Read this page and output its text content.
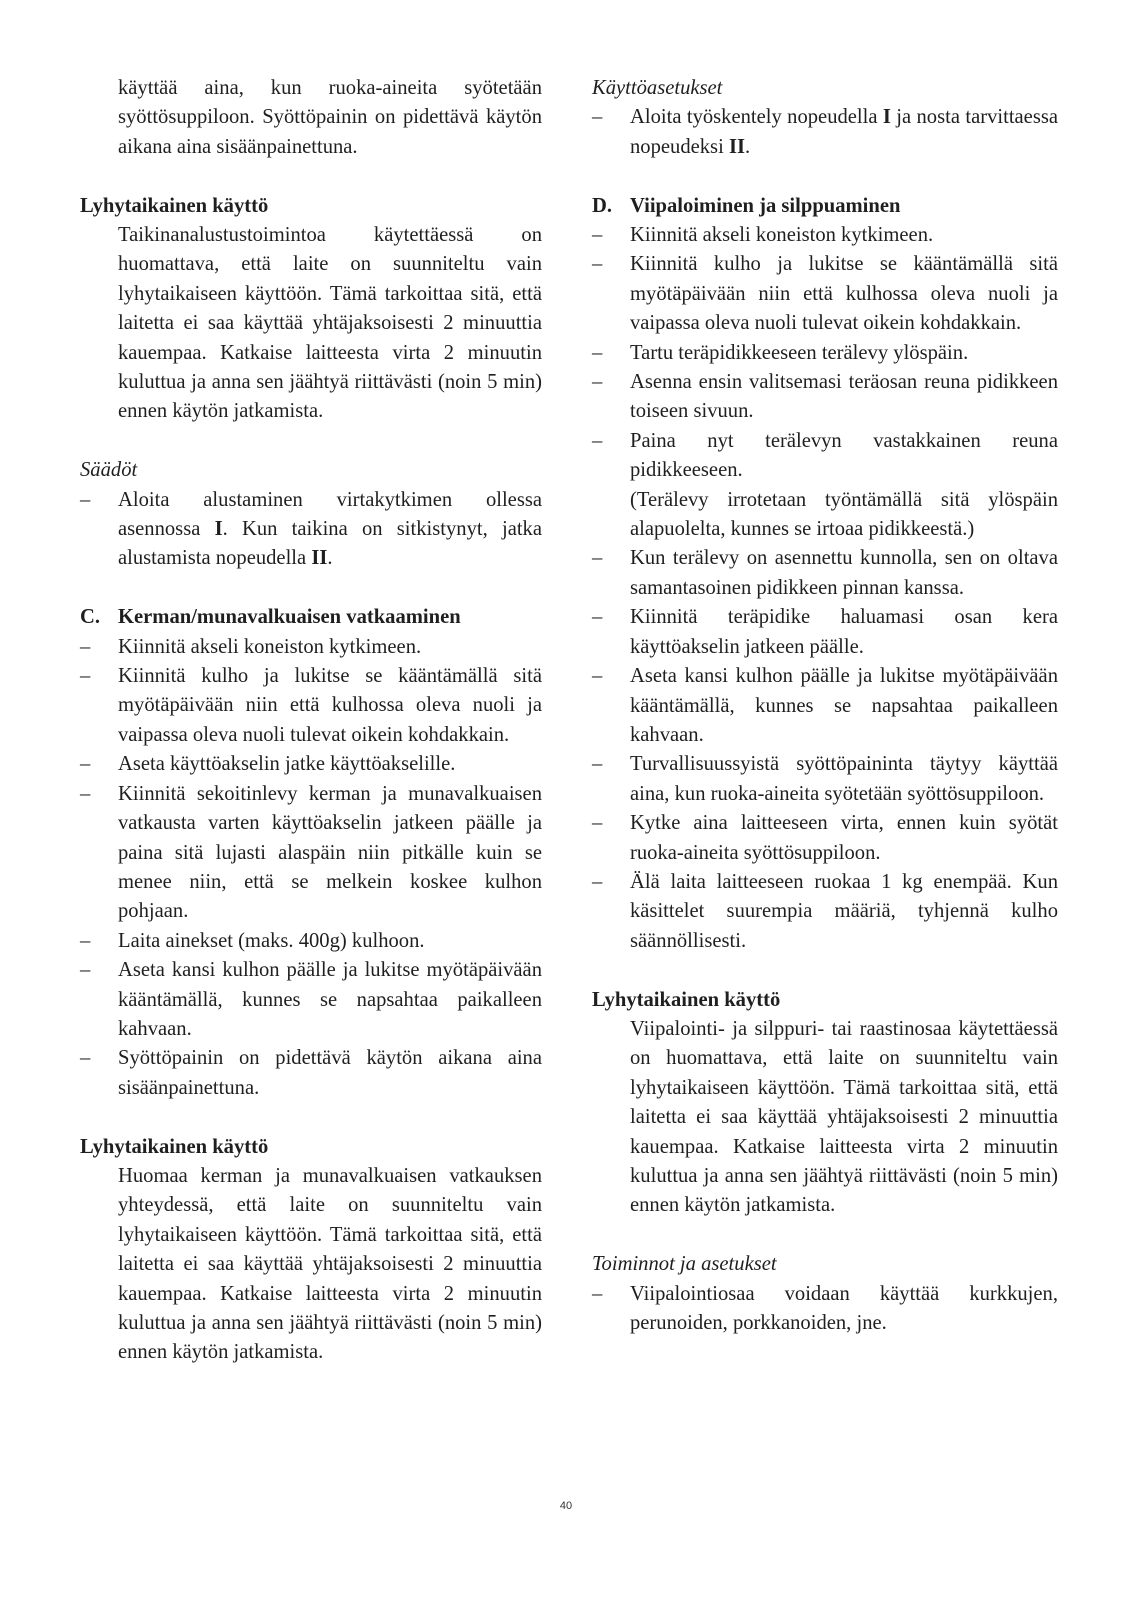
käyttää aina, kun ruoka-aineita syötetään syöttösuppiloon. Syöttöpainin on pidettävä käytön aikana aina sisäänpainettuna.

Lyhytaikainen käyttö

Taikinanalustustoimintoa käytettäessä on huomattava, että laite on suunniteltu vain lyhytaikaiseen käyttöön. Tämä tarkoittaa sitä, että laitetta ei saa käyttää yhtäjaksoisesti 2 minuuttia kauempaa. Katkaise laitteesta virta 2 minuutin kuluttua ja anna sen jäähtyä riittävästi (noin 5 min) ennen käytön jatkamista.

Säädöt

–	Aloita alustaminen virtakytkimen ollessa asennossa I. Kun taikina on sitkistynyt, jatka alustamista nopeudella II.
C. Kerman/munavalkuaisen vatkaaminen
–	Kiinnitä akseli koneiston kytkimeen.
–	Kiinnitä kulho ja lukitse se kääntämällä sitä myötäpäivään niin että kulhossa oleva nuoli ja vaipassa oleva nuoli tulevat oikein kohdakkain.
–	Aseta käyttöakselin jatke käyttöakselille.
–	Kiinnitä sekoitinlevy kerman ja munavalkuaisen vatkausta varten käyttöakselin jatkeen päälle ja paina sitä lujasti alaspäin niin pitkälle kuin se menee niin, että se melkein koskee kulhon pohjaan.
–	Laita ainekset (maks. 400g) kulhoon.
–	Aseta kansi kulhon päälle ja lukitse myötäpäivään kääntämällä, kunnes se napsahtaa paikalleen kahvaan.
–	Syöttöpainin on pidettävä käytön aikana aina sisäänpainettuna.

Lyhytaikainen käyttö

Huomaa kerman ja munavalkuaisen vatkauksen yhteydessä, että laite on suunniteltu vain lyhytaikaiseen käyttöön. Tämä tarkoittaa sitä, että laitetta ei saa käyttää yhtäjaksoisesti 2 minuuttia kauempaa. Katkaise laitteesta virta 2 minuutin kuluttua ja anna sen jäähtyä riittävästi (noin 5 min) ennen käytön jatkamista.

Käyttöasetukset

–	Aloita työskentely nopeudella I ja nosta tarvittaessa nopeudeksi II.
D. Viipaloiminen ja silppuaminen
–	Kiinnitä akseli koneiston kytkimeen.
–	Kiinnitä kulho ja lukitse se kääntämällä sitä myötäpäivään niin että kulhossa oleva nuoli ja vaipassa oleva nuoli tulevat oikein kohdakkain.
–	Tartu teräpidikkeeseen terälevy ylöspäin.
–	Asenna ensin valitsemasi teräosan reuna pidikkeen toiseen sivuun.
–	Paina nyt terälevyn vastakkainen reuna pidikkeeseen.

(Terälevy irrotetaan työntämällä sitä ylöspäin alapuolelta, kunnes se irtoaa pidikkeestä.)

–	Kun terälevy on asennettu kunnolla, sen on oltava samantasoinen pidikkeen pinnan kanssa.
–	Kiinnitä teräpidike haluamasi osan kera käyttöakselin jatkeen päälle.
–	Aseta kansi kulhon päälle ja lukitse myötäpäivään kääntämällä, kunnes se napsahtaa paikalleen kahvaan.
–	Turvallisuussyistä syöttöpaininta täytyy käyttää aina, kun ruoka-aineita syötetään syöttösuppiloon.
–	Kytke aina laitteeseen virta, ennen kuin syötät ruoka-aineita syöttösuppiloon.
–	Älä laita laitteeseen ruokaa 1 kg enempää. Kun käsittelet suurempia määriä, tyhjennä kulho säännöllisesti.

Lyhytaikainen käyttö

Viipalointi- ja silppuri- tai raastinosaa käytettäessä on huomattava, että laite on suunniteltu vain lyhytaikaiseen käyttöön. Tämä tarkoittaa sitä, että laitetta ei saa käyttää yhtäjaksoisesti 2 minuuttia kauempaa. Katkaise laitteesta virta 2 minuutin kuluttua ja anna sen jäähtyä riittävästi (noin 5 min) ennen käytön jatkamista.

Toiminnot ja asetukset

–	Viipalointiosaa voidaan käyttää kurkkujen, perunoiden, porkkanoiden, jne.
40
